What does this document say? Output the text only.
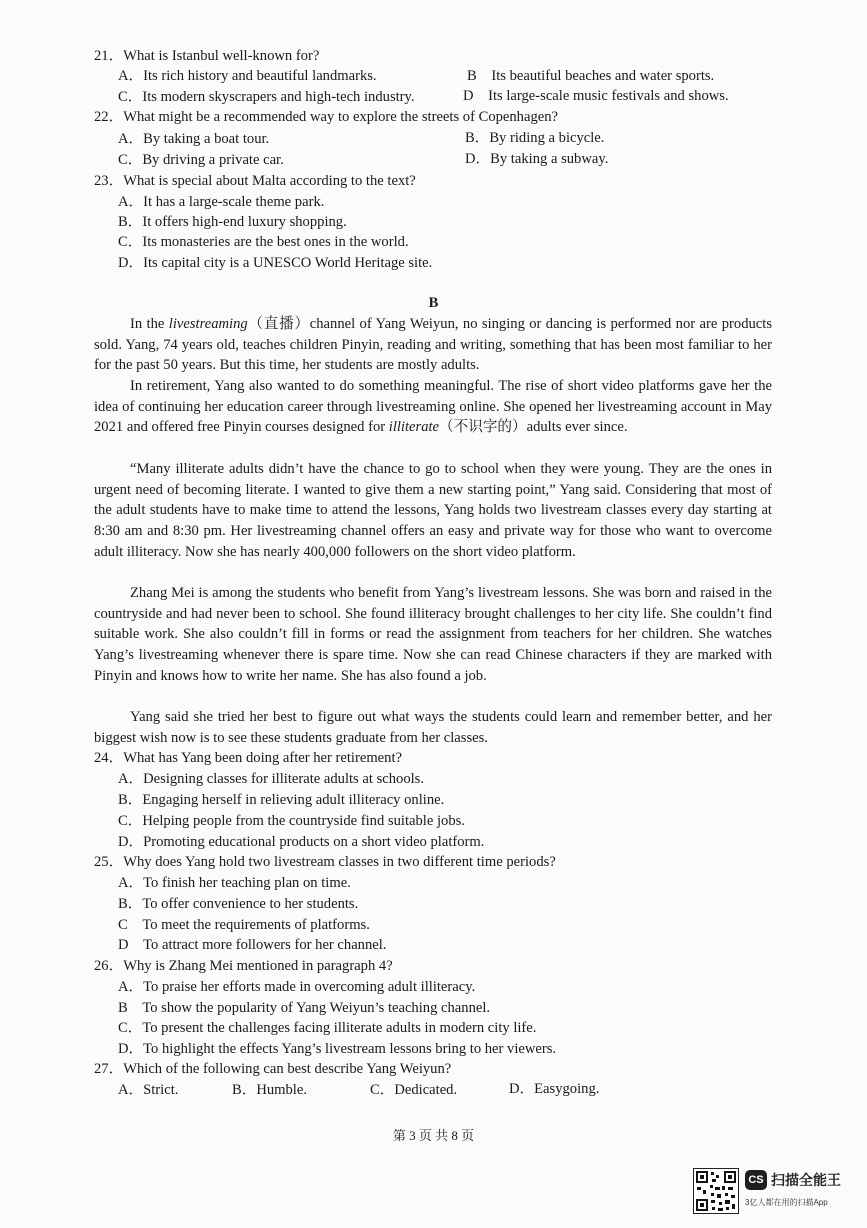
21．What is Istanbul well-known for?
A．Its rich history and beautiful landmarks.	B　Its beautiful beaches and water sports.
C．Its modern skyscrapers and high-tech industry.	D　Its large-scale music festivals and shows.
22．What might be a recommended way to explore the streets of Copenhagen?
A．By taking a boat tour.	B．By riding a bicycle.
C．By driving a private car.	D．By taking a subway.
23．What is special about Malta according to the text?
A．It has a large-scale theme park.
B．It offers high-end luxury shopping.
C．Its monasteries are the best ones in the world.
D．Its capital city is a UNESCO World Heritage site.
B
In the livestreaming（直播）channel of Yang Weiyun, no singing or dancing is performed nor are products sold. Yang, 74 years old, teaches children Pinyin, reading and writing, something that has been most familiar to her for the past 50 years. But this time, her students are mostly adults.
In retirement, Yang also wanted to do something meaningful. The rise of short video platforms gave her the idea of continuing her education career through livestreaming online. She opened her livestreaming account in May 2021 and offered free Pinyin courses designed for illiterate（不识字的）adults ever since.
“Many illiterate adults didn’t have the chance to go to school when they were young. They are the ones in urgent need of becoming literate. I wanted to give them a new starting point,” Yang said. Considering that most of the adult students have to make time to attend the lessons, Yang holds two livestream classes every day starting at 8:30 am and 8:30 pm. Her livestreaming channel offers an easy and private way for those who want to overcome adult illiteracy. Now she has nearly 400,000 followers on the short video platform.
Zhang Mei is among the students who benefit from Yang’s livestream lessons. She was born and raised in the countryside and had never been to school. She found illiteracy brought challenges to her city life. She couldn’t find suitable work. She also couldn’t fill in forms or read the assignment from teachers for her children. She watches Yang’s livestreaming whenever there is spare time. Now she can read Chinese characters if they are marked with Pinyin and knows how to write her name. She has also found a job.
Yang said she tried her best to figure out what ways the students could learn and remember better, and her biggest wish now is to see these students graduate from her classes.
24．What has Yang been doing after her retirement?
A．Designing classes for illiterate adults at schools.
B．Engaging herself in relieving adult illiteracy online.
C．Helping people from the countryside find suitable jobs.
D．Promoting educational products on a short video platform.
25．Why does Yang hold two livestream classes in two different time periods?
A．To finish her teaching plan on time.
B．To offer convenience to her students.
C　To meet the requirements of platforms.
D　To attract more followers for her channel.
26．Why is Zhang Mei mentioned in paragraph 4?
A．To praise her efforts made in overcoming adult illiteracy.
B　To show the popularity of Yang Weiyun’s teaching channel.
C．To present the challenges facing illiterate adults in modern city life.
D．To highlight the effects Yang’s livestream lessons bring to her viewers.
27．Which of the following can best describe Yang Weiyun?
A．Strict.	B．Humble.	C．Dedicated.	D．Easygoing.
第 3 页 共 8 页
CS 扫描全能王
3亿人都在用的扫描App
